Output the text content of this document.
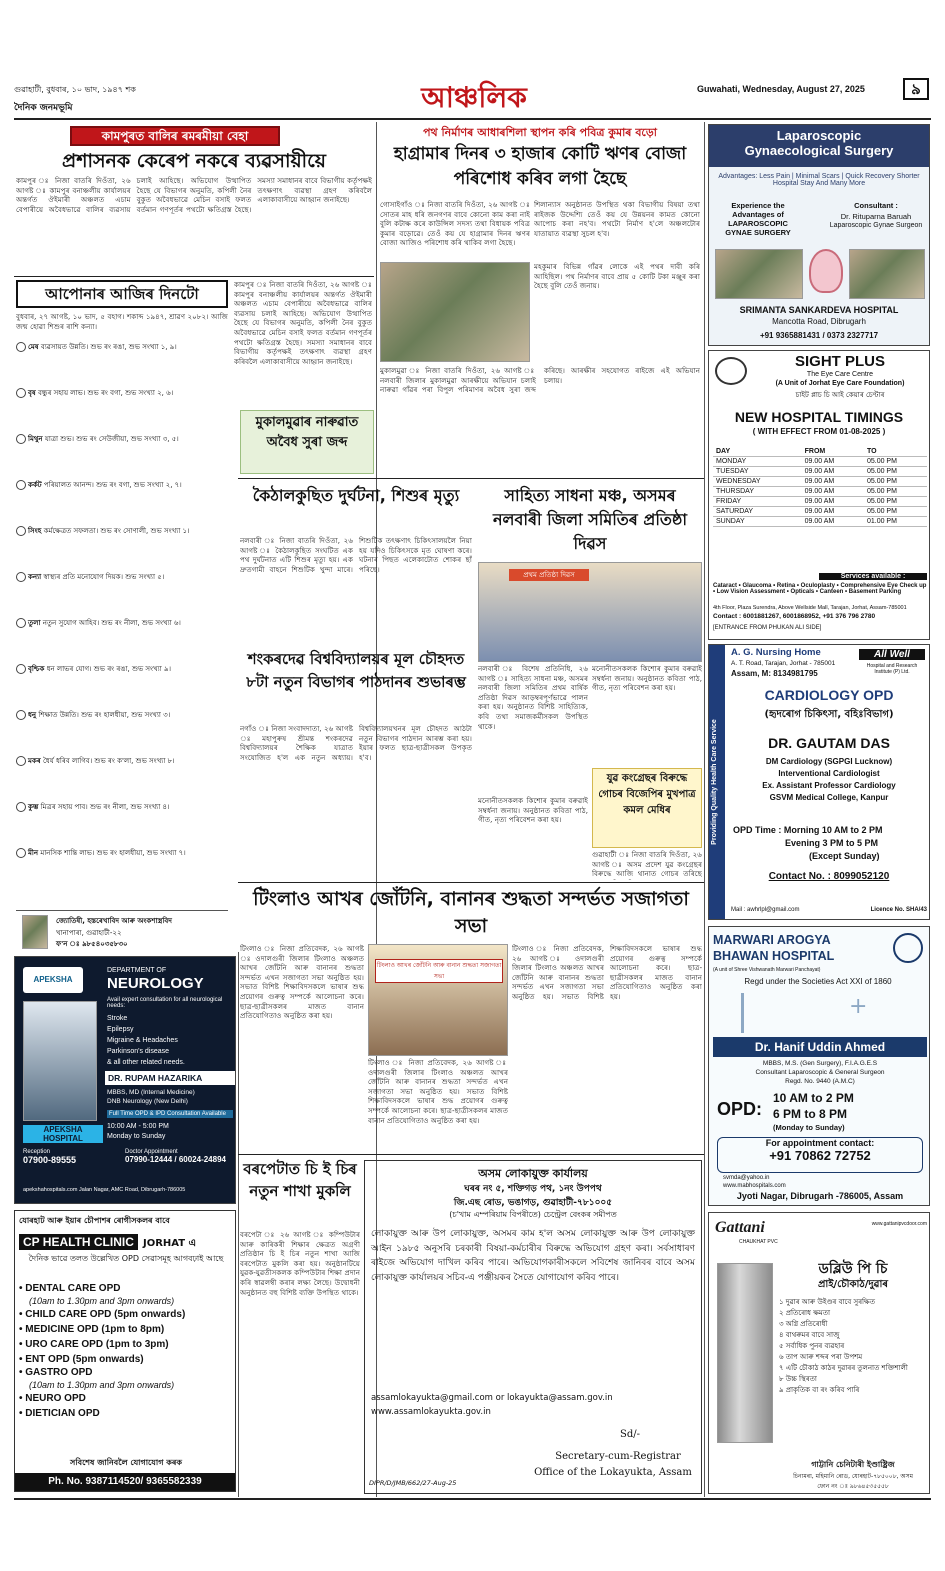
গুৱাহাটী, বুধবাৰ, ১০ ভাদ, ১৯৪৭ শক
দৈনিক জনমভূমি	আঞ্চলিক	Guwahati, Wednesday, August 27, 2025	৯
কামপুৰত বালিৰ ৰমৰমীয়া বেহা
প্ৰশাসনক কেৰেপ নকৰে ব্যৱসায়ীয়ে
কামপুৰ ঃ নিজা বাতৰি দিওঁতা, ২৬ আগষ্ট ঃ কামপুৰ বনাঞ্চলীয় কাৰ্যালয়ৰ অন্তৰ্গত ঔইমাৰী অঞ্চলত এচাম বেপাৰীয়ে অবৈধভাৱে বালিৰ ব্যৱসায় চলাই আহিছে। অভিযোগ উত্থাপিত হৈছে যে বিভাগৰ অনুমতি, কপিলী নৈৰ বুকুত অবৈধভাৱে মেচিন বসাই ফলত বৰ্তমান গণপূৰ্তৰ পথটো ক্ষতিগ্ৰস্ত হৈছে। সমস্যা সমাধানৰ বাবে বিভাগীয় কৰ্তৃপক্ষই তৎক্ষণাৎ ব্যৱস্থা গ্ৰহণ কৰিবলৈ এলাকাবাসীয়ে আহ্বান জনাইছে।
আপোনাৰ আজিৰ দিনটো
বুধবাৰ, ২৭ আগষ্ট, ১০ ভাদ, ৫ বহাগ। শকাব্দ ১৯৪৭, শ্ৰাৱণ ২০৮২। আজি জন্ম হোৱা শিশুৰ ৰাশি কন্যা।
মেষ ব্যৱসায়ত উন্নতি। শুভ ৰং ৰঙা, শুভ সংখ্যা ১, ৯।
বৃষ বন্ধুৰ সহায় লাভ। শুভ ৰং বগা, শুভ সংখ্যা ২, ৬।
মিথুন যাত্ৰা শুভ। শুভ ৰং সেউজীয়া, শুভ সংখ্যা ৩, ৫।
কৰ্কট পৰিয়ালত আনন্দ। শুভ ৰং বগা, শুভ সংখ্যা ২, ৭।
সিংহ কৰ্মক্ষেত্ৰত সফলতা। শুভ ৰং সোণালী, শুভ সংখ্যা ১।
কন্যা স্বাস্থ্যৰ প্ৰতি মনোযোগ দিয়ক। শুভ সংখ্যা ৫।
তুলা নতুন সুযোগ আহিব। শুভ ৰং নীলা, শুভ সংখ্যা ৬।
বৃশ্চিক ধন লাভৰ যোগ। শুভ ৰং ৰঙা, শুভ সংখ্যা ৯।
ধনু শিক্ষাত উন্নতি। শুভ ৰং হালধীয়া, শুভ সংখ্যা ৩।
মকৰ ধৈৰ্য ধৰিব লাগিব। শুভ ৰং ক'লা, শুভ সংখ্যা ৮।
কুম্ভ মিত্ৰৰ সহায় পাব। শুভ ৰং নীলা, শুভ সংখ্যা ৪।
মীন মানসিক শান্তি লাভ। শুভ ৰং হালধীয়া, শুভ সংখ্যা ৭।
জ্যোতিষী, হস্তৰেখাবিদ আৰু অংকশাস্ত্ৰবিদ
খানাপাৰা, গুৱাহাটী-২২
ফ'ন ঃ ৯৮৫৪০৩৫৮৩০
কামপুৰ ঃ নিজা বাতৰি দিওঁতা, ২৬ আগষ্ট ঃ কামপুৰ বনাঞ্চলীয় কাৰ্যালয়ৰ অন্তৰ্গত ঔইমাৰী অঞ্চলত এচাম বেপাৰীয়ে অবৈধভাৱে বালিৰ ব্যৱসায় চলাই আহিছে। অভিযোগ উত্থাপিত হৈছে যে বিভাগৰ অনুমতি, কপিলী নৈৰ বুকুত অবৈধভাৱে মেচিন বসাই ফলত বৰ্তমান গণপূৰ্তৰ পথটো ক্ষতিগ্ৰস্ত হৈছে। সমস্যা সমাধানৰ বাবে বিভাগীয় কৰ্তৃপক্ষই তৎক্ষণাৎ ব্যৱস্থা গ্ৰহণ কৰিবলৈ এলাকাবাসীয়ে আহ্বান জনাইছে।
APEKSHA
DEPARTMENT OF
NEUROLOGY
Avail expert consultation for all neurological needs:
Stroke
Epilepsy
Migraine & Headaches
Parkinson's disease
& all other related needs.
DR. RUPAM HAZARIKA
MBBS, MD (Internal Medicine)
DNB Neurology (New Delhi)
Full Time OPD & IPD Consultation Available
10:00 AM - 5:00 PM
Monday to Sunday
APEKSHA HOSPITAL
Reception
07900-89555
Doctor Appointment
07990-12444 / 60024-24894
apekshahospitals.com Jalan Nagar, AMC Road, Dibrugarh-786005
যোৰহাট আৰু ইয়াৰ চৌপাশৰ ৰোগীসকলৰ বাবে
CP HEALTH CLINIC JORHAT এ
দৈনিক ভাৱে তলত উল্লেখিত OPD সেৱাসমূহ আগবঢ়াই আছে
• DENTAL CARE OPD
(10am to 1.30pm and 3pm onwards)
• CHILD CARE OPD (5pm onwards)
• MEDICINE OPD (1pm to 8pm)
• URO CARE OPD (1pm to 3pm)
• ENT OPD (5pm onwards)
• GASTRO OPD
(10am to 1.30pm and 3pm onwards)
• NEURO OPD
• DIETICIAN OPD
সবিশেষ জানিবলৈ যোগাযোগ কৰক
Ph. No. 9387114520/ 9365582339
পথ নিৰ্মাণৰ আধাৰশিলা স্থাপন কৰি পবিত্ৰ কুমাৰ বড়ো
হাগ্ৰামাৰ দিনৰ ৩ হাজাৰ কোটি ঋণৰ বোজা পৰিশোধ কৰিব লগা হৈছে
গোসাইগাঁও ঃ নিজা বাতৰি দিওঁতা, ২৬ আগষ্ট ঃ সোতৰ মাহ ধৰি জনগণৰ বাবে কোনো কাম কৰা নাই বুলি কটাক্ষ কৰে কাউন্সিল সদস্য তথা বিধায়ক পবিত্ৰ কুমাৰ বড়োৱে। তেওঁ কয় যে হাগ্ৰামাৰ দিনৰ ঋণৰ বোজা আজিও পৰিশোধ কৰি থাকিব লগা হৈছে।
শিলান্যাস অনুষ্ঠানত উপস্থিত থকা বিভাগীয় বিষয়া তথা ৰাইজক উদ্দেশ্যি তেওঁ কয় যে উন্নয়নৰ কামত কোনো আপোচ কৰা নহ'ব। পথটো নিৰ্মাণ হ'লে অঞ্চলটোৰ যাতায়াত ব্যৱস্থা সুচল হ'ব।
মহকুমাৰ বিভিন্ন গাঁৱৰ লোকে এই পথৰ দাবী কৰি আহিছিল। পথ নিৰ্মাণৰ বাবে প্ৰায় ৫ কোটি টকা মঞ্জুৰ কৰা হৈছে বুলি তেওঁ জনায়।
মুকালমুৱাৰ নাৰুৱাত অবৈধ সুৰা জব্দ
মুকালমুৱা ঃ নিজা বাতৰি দিওঁতা, ২৬ আগষ্ট ঃ নলবাৰী জিলাৰ মুকালমুৱা আৰক্ষীয়ে অভিযান চলাই নাৰুৱা গাঁৱৰ পৰা বিপুল পৰিমাণৰ অবৈধ সুৰা জব্দ কৰিছে। আৰক্ষীৰ সহযোগত ৰাইজে এই অভিযান চলায়।
কৈঠালকুছিত দুৰ্ঘটনা, শিশুৰ মৃত্যু
নলবাৰী ঃ নিজা বাতৰি দিওঁতা, ২৬ আগষ্ট ঃ কৈঠালকুছিত সংঘটিত এক পথ দুৰ্ঘটনাত এটি শিশুৰ মৃত্যু হয়। এক দ্ৰুতগামী বাহনে শিশুটিক খুন্দা মাৰে। শিশুটিক তৎক্ষণাৎ চিকিৎসালয়লৈ নিয়া হয় যদিও চিকিৎসকে মৃত ঘোষণা কৰে। ঘটনাৰ পিছত এলেকাটোত শোকৰ ছাঁ পৰিছে।
সাহিত্য সাধনা মঞ্চ, অসমৰ নলবাৰী জিলা সমিতিৰ প্ৰতিষ্ঠা দিৱস
প্ৰথম প্ৰতিষ্ঠা দিৱস
নলবাৰী ঃ বিশেষ প্ৰতিনিধি, ২৬ আগষ্ট ঃ সাহিত্য সাধনা মঞ্চ, অসমৰ নলবাৰী জিলা সমিতিৰ প্ৰথম বাৰ্ষিক প্ৰতিষ্ঠা দিৱস আড়ম্বৰপূৰ্ণভাৱে পালন কৰা হয়। অনুষ্ঠানত বিশিষ্ট সাহিত্যিক, কবি তথা সমাজকৰ্মীসকল উপস্থিত থাকে।
মনোনীতসকলক কিশোৰ কুমাৰ বৰুৱাই সম্বৰ্ধনা জনায়। অনুষ্ঠানত কবিতা পাঠ, গীত, নৃত্য পৰিবেশন কৰা হয়।
শংকৰদেৱ বিশ্ববিদ্যালয়ৰ মূল চৌহদত ৮টা নতুন বিভাগৰ পাঠদানৰ শুভাৰম্ভ
নগাঁও ঃ নিজা সংবাদদাতা, ২৬ আগষ্ট ঃ মহাপুৰুষ শ্ৰীমন্ত শংকৰদেৱ বিশ্ববিদ্যালয়ৰ শৈক্ষিক যাত্ৰাত সংযোজিত হ'ল এক নতুন অধ্যায়। বিশ্ববিদ্যালয়খনৰ মূল চৌহদত আঠটা নতুন বিভাগৰ পাঠদান আৰম্ভ কৰা হয়। ইয়াৰ ফলত ছাত্ৰ-ছাত্ৰীসকল উপকৃত হ'ব।
যুৱ কংগ্ৰেছৰ বিৰুদ্ধে গোচৰ বিজেপিৰ মুখপাত্ৰ কমল মেধিৰ
গুৱাহাটী ঃ নিজা বাতৰি দিওঁতা, ২৬ আগষ্ট ঃ অসম প্ৰদেশ যুৱ কংগ্ৰেছৰ বিৰুদ্ধে আজি থানাত গোচৰ তৰিছে
মনোনীতসকলক কিশোৰ কুমাৰ বৰুৱাই সম্বৰ্ধনা জনায়। অনুষ্ঠানত কবিতা পাঠ, গীত, নৃত্য পৰিবেশন কৰা হয়।
টিংলাও আখৰ জোঁটনি, বানানৰ শুদ্ধতা সন্দৰ্ভত সজাগতা সভা
টিংলাও ঃ নিজা প্ৰতিবেদক, ২৬ আগষ্ট ঃ ওদালগুৰী জিলাৰ টিংলাও অঞ্চলত আখৰ জোঁটনি আৰু বানানৰ শুদ্ধতা সন্দৰ্ভত এখন সজাগতা সভা অনুষ্ঠিত হয়। সভাত বিশিষ্ট শিক্ষাবিদসকলে ভাষাৰ শুদ্ধ প্ৰয়োগৰ গুৰুত্ব সম্পৰ্কে আলোচনা কৰে। ছাত্ৰ-ছাত্ৰীসকলৰ মাজত বানান প্ৰতিযোগিতাও অনুষ্ঠিত কৰা হয়।
টিংলাও আখৰ জোঁটনি আৰু বানান শুদ্ধতা সজাগতা সভা
টিংলাও ঃ নিজা প্ৰতিবেদক, ২৬ আগষ্ট ঃ ওদালগুৰী জিলাৰ টিংলাও অঞ্চলত আখৰ জোঁটনি আৰু বানানৰ শুদ্ধতা সন্দৰ্ভত এখন সজাগতা সভা অনুষ্ঠিত হয়। সভাত বিশিষ্ট শিক্ষাবিদসকলে ভাষাৰ শুদ্ধ প্ৰয়োগৰ গুৰুত্ব সম্পৰ্কে আলোচনা কৰে। ছাত্ৰ-ছাত্ৰীসকলৰ মাজত বানান প্ৰতিযোগিতাও অনুষ্ঠিত কৰা হয়।
টিংলাও ঃ নিজা প্ৰতিবেদক, ২৬ আগষ্ট ঃ ওদালগুৰী জিলাৰ টিংলাও অঞ্চলত আখৰ জোঁটনি আৰু বানানৰ শুদ্ধতা সন্দৰ্ভত এখন সজাগতা সভা অনুষ্ঠিত হয়। সভাত বিশিষ্ট শিক্ষাবিদসকলে ভাষাৰ শুদ্ধ প্ৰয়োগৰ গুৰুত্ব সম্পৰ্কে আলোচনা কৰে। ছাত্ৰ-ছাত্ৰীসকলৰ মাজত বানান প্ৰতিযোগিতাও অনুষ্ঠিত কৰা হয়।
বৰপেটাত চি ই চিৰ নতুন শাখা মুকলি
বৰপেটা ঃ ২৬ আগষ্ট ঃ কম্পিউটাৰ আৰু কাৰিকৰী শিক্ষাৰ ক্ষেত্ৰত অগ্ৰণী প্ৰতিষ্ঠান চি ই চিৰ নতুন শাখা আজি বৰপেটাত মুকলি কৰা হয়। অনুষ্ঠানটিয়ে যুৱক-যুৱতীসকলক কম্পিউটাৰ শিক্ষা প্ৰদান কৰি স্বাৱলম্বী কৰাৰ লক্ষ্য লৈছে। উদ্বোধনী অনুষ্ঠানত বহু বিশিষ্ট ব্যক্তি উপস্থিত থাকে।
অসম লোকায়ুক্ত কাৰ্যালয়
ঘৰৰ নং ৫, শক্তিগড় পথ, ১নং উপপথ
জি.এছ ৰোড, ভঙাগড়, গুৱাহাটী-৭৮১০০৫
(চ'খাম এম্পৰিয়াম বিপৰীতে) চেন্ট্ৰেল বেংকৰ সমীপত
লোকায়ুক্ত আৰু উপ লোকায়ুক্ত, অসমৰ কাম হ'ল অসম লোকায়ুক্ত আৰু উপ লোকায়ুক্ত আইন ১৯৮৫ অনুসৰি চৰকাৰী বিষয়া-কৰ্মচাৰীৰ বিৰুদ্ধে অভিযোগ গ্ৰহণ কৰা। সৰ্বসাধাৰণ ৰাইজে অভিযোগ দাখিল কৰিব পাৰে। অভিযোগকাৰীসকলে সবিশেষ জানিবৰ বাবে অসম লোকায়ুক্ত কাৰ্যালয়ৰ সচিব-এ পঞ্জীয়কৰ সৈতে যোগাযোগ কৰিব পাৰে।
assamlokayukta@gmail.com or lokayukta@assam.gov.in
www.assamlokayukta.gov.in
Sd/-
Secretary-cum-Registrar
Office of the Lokayukta, Assam
DIPR/D/JMB/662/27-Aug-25
Laparoscopic
Gynaecological Surgery
Advantages: Less Pain | Minimal Scars | Quick Recovery Shorter Hospital Stay And Many More
Experience the Advantages of LAPAROSCOPIC GYNAE SURGERY
Consultant :
Dr. Rituparna Baruah
Laparoscopic Gynae Surgeon
SRIMANTA SANKARDEVA HOSPITAL
Mancotta Road, Dibrugarh
+91 9365881431 / 0373 2327717
SIGHT PLUS
The Eye Care Centre
(A Unit of Jorhat Eye Care Foundation)
চাইট প্লাচ চি আই কেয়াৰ চেণ্টাৰ
NEW HOSPITAL TIMINGS
( WITH EFFECT FROM 01-08-2025 )
DAY	FROM	TO
MONDAY	09.00 AM	05.00 PM
TUESDAY	09.00 AM	05.00 PM
WEDNESDAY	09.00 AM	05.00 PM
THURSDAY	09.00 AM	05.00 PM
FRIDAY	09.00 AM	05.00 PM
SATURDAY	09.00 AM	05.00 PM
SUNDAY	09.00 AM	01.00 PM
Services available :
Cataract • Glaucoma • Retina • Oculoplasty • Comprehensive Eye Check up • Low Vision Assessment • Opticals • Canteen • Basement Parking
4th Floor, Plaza Surendra, Above Wellside Mall, Tarajan, Jorhat, Assam-785001
Contact : 6001881267, 6001868952, +91 376 796 2780
[ENTRANCE FROM PHUKAN ALI SIDE]
Providing Quality Health Care Service
A. G. Nursing Home
A. T. Road, Tarajan, Jorhat - 785001
Assam, M: 8134981795
All Well
Hospital and Research Institute (P) Ltd.
CARDIOLOGY OPD
(হৃদৰোগ চিকিৎসা, বহিঃবিভাগ)
DR. GAUTAM DAS
DM Cardiology (SGPGI Lucknow)
Interventional Cardiologist
Ex. Assistant Professor Cardiology
GSVM Medical College, Kanpur
OPD Time : Morning 10 AM to 2 PM
Evening 3 PM to 5 PM
(Except Sunday)
Contact No. : 8099052120
Mail : awhrlpl@gmail.com	Licence No. SHA/43
MARWARI AROGYA
BHAWAN HOSPITAL
(A unit of Shree Vishwanath Marwari Panchayat)
Regd under the Societies Act XXI of 1860
+
Dr. Hanif Uddin Ahmed
MBBS, M.S. (Gen Surgery), F.I.A.G.E.S
Consultant Laparoscopic & General Surgeon
Regd. No. 9440 (A.M.C)
OPD:
10 AM to 2 PM
6 PM to 8 PM
(Monday to Sunday)
For appointment contact:
+91 70862 72752
svmda@yahoo.in
www.mabhospitals.com
Jyoti Nagar, Dibrugarh -786005, Assam
Gattani
CHAUKHAT PVC
www.gattanipvcdoor.com
ডব্লিউ পি চি
প্ৰাই/চৌকাঠ/দুৱাৰ
১ দুৱাৰ আৰু উইণ্ডৰ বাবে সুৰক্ষিত
২ প্ৰতিৰোধ ক্ষমতা
৩ অগ্নি প্ৰতিৰোধী
৪ বাথৰুমৰ বাবে সাজু
৫ সৰ্বাধিক পুনৰ ব্যৱহাৰ
৬ তাপ আৰু শব্দৰ পৰা উপশম
৭ এটি চৌকাঠ কাঠৰ দুৱাৰৰ তুলনাত শক্তিশালী
৮ উচ্চ স্থিৰতা
৯ প্ৰাকৃতিক বা ৰং কৰিব পাৰি
গাট্টানি চেনিটাৰী ইণ্ডাষ্ট্ৰিজ
চিনামৰা, মহিমানি ৰোড, যোৰহাট-৭৮৫০০৮, অসম
ফোন নং ঃ ৯৮৬৪৫৩৫৫৫৮
